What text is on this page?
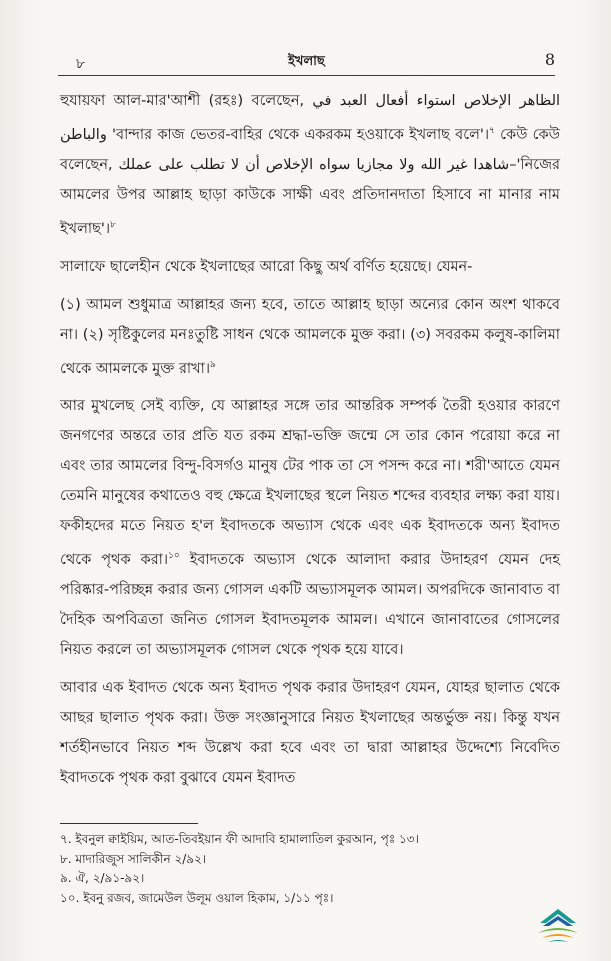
৮	ইখলাছ	8

হুযায়ফা আল-মার'আশী (রহঃ) বলেছেন, الإخلاص استواء أفعال العبد في الظاهر والباطن 'বান্দার কাজ ভেতর-বাহির থেকে একরকম হওয়াকে ইখলাছ বলে'।$^৭$ কেউ কেউ বলেছেন, الإخلاص أن لا تطلب على عملك شاهدا غير الله ولا مجازيا سواه–'নিজের আমলের উপর আল্লাহ ছাড়া কাউকে সাক্ষী এবং প্রতিদানদাতা হিসাবে না মানার নাম ইখলাছ'।$^৮$

সালাফে ছালেহীন থেকে ইখলাছের আরো কিছু অর্থ বর্ণিত হয়েছে। যেমন-

(১) আমল শুধুমাত্র আল্লাহর জন্য হবে, তাতে আল্লাহ ছাড়া অন্যের কোন অংশ থাকবে না। (২) সৃষ্টিকুলের মনঃতুষ্টি সাধন থেকে আমলকে মুক্ত করা। (৩) সবরকম কলুষ-কালিমা থেকে আমলকে মুক্ত রাখা।$^৯$

আর মুখলেছ সেই ব্যক্তি, যে আল্লাহর সঙ্গে তার আন্তরিক সম্পর্ক তৈরী হওয়ার কারণে জনগণের অন্তরে তার প্রতি যত রকম শ্রদ্ধা-ভক্তি জন্মে সে তার কোন পরোয়া করে না এবং তার আমলের বিন্দু-বিসর্গও মানুষ টের পাক তা সে পসন্দ করে না। শরী'আতে যেমন তেমনি মানুষের কথাতেও বহু ক্ষেত্রে ইখলাছের স্থলে নিয়ত শব্দের ব্যবহার লক্ষ্য করা যায়। ফকীহদের মতে নিয়ত হ'ল ইবাদতকে অভ্যাস থেকে এবং এক ইবাদতকে অন্য ইবাদত থেকে পৃথক করা।$^{১০}$ ইবাদতকে অভ্যাস থেকে আলাদা করার উদাহরণ যেমন দেহ পরিষ্কার-পরিচ্ছন্ন করার জন্য গোসল একটি অভ্যাসমূলক আমল। অপরদিকে জানাবাত বা দৈহিক অপবিত্রতা জনিত গোসল ইবাদতমূলক আমল। এখানে জানাবাতের গোসলের নিয়ত করলে তা অভ্যাসমূলক গোসল থেকে পৃথক হয়ে যাবে।

আবার এক ইবাদত থেকে অন্য ইবাদত পৃথক করার উদাহরণ যেমন, যোহর ছালাত থেকে আছর ছালাত পৃথক করা। উক্ত সংজ্ঞানুসারে নিয়ত ইখলাছের অন্তর্ভুক্ত নয়। কিন্তু যখন শর্তহীনভাবে নিয়ত শব্দ উল্লেখ করা হবে এবং তা দ্বারা আল্লাহর উদ্দেশ্যে নিবেদিত ইবাদতকে পৃথক করা বুঝাবে যেমন ইবাদত

৭. ইবনুল ক্বাইয়িম, আত-তিবইয়ান ফী আদাবি হামালাতিল কুরআন, পৃঃ ১৩।
৮. মাদারিজুস সালিকীন ২/৯২।
৯. ঐ, ২/৯১-৯২।
১০. ইবনু রজব, জামেউল উলূম ওয়াল হিকাম, ১/১১ পৃঃ।
